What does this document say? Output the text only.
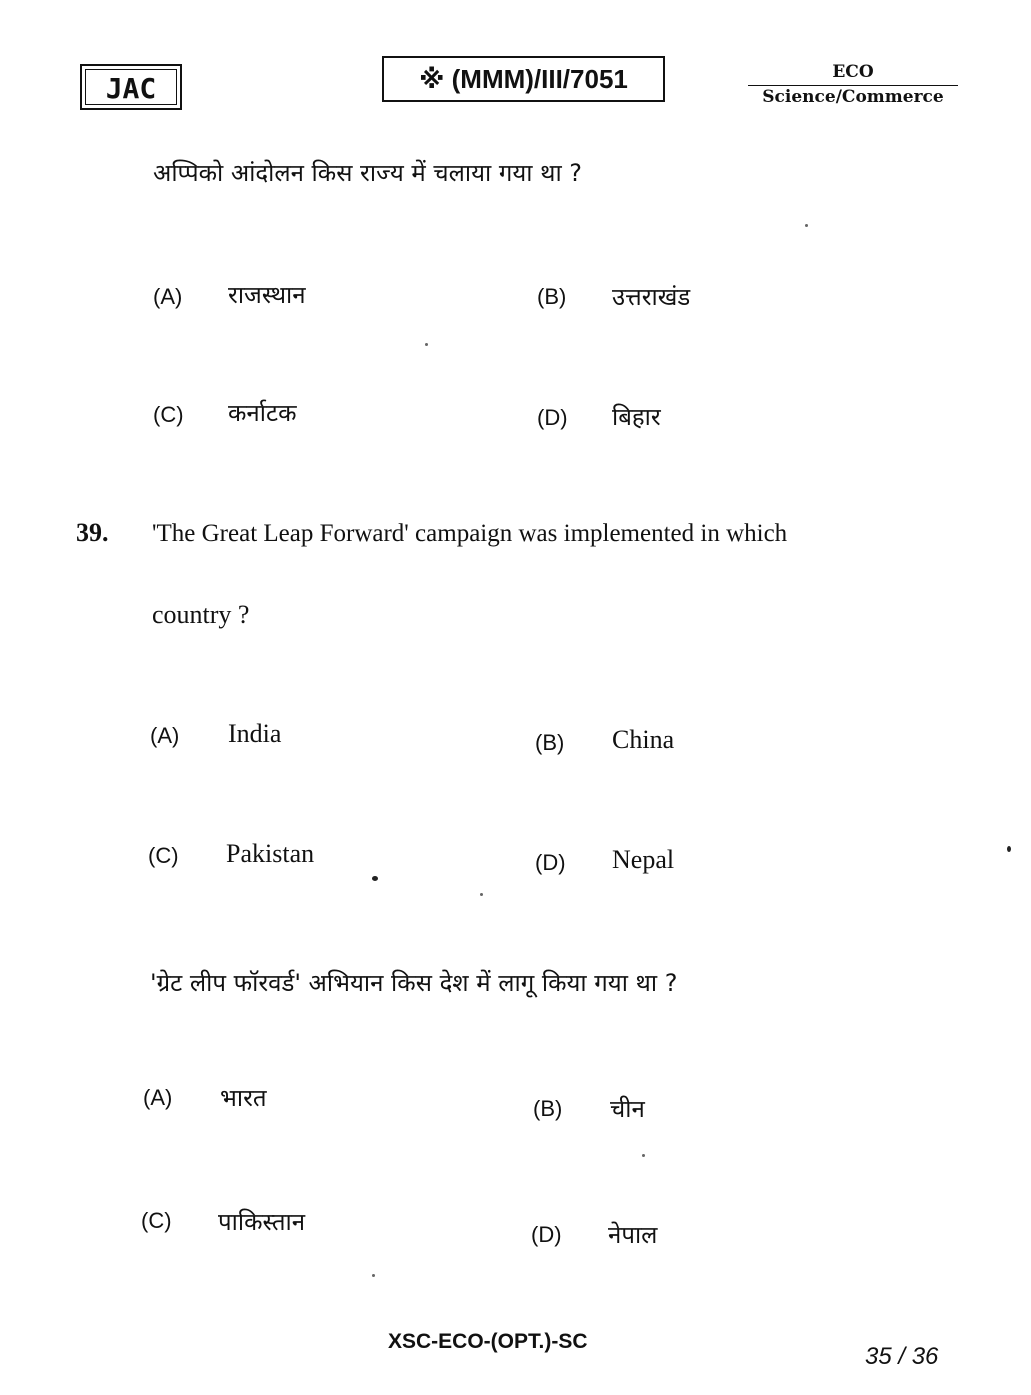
JAC	※ (MMM)/III/7051	ECO
Science/Commerce
अप्पिको आंदोलन किस राज्य में चलाया गया था ?
(A) राजस्थान	(B) उत्तराखंड
(C) कर्नाटक	(D) बिहार
39. 'The Great Leap Forward' campaign was implemented in which
country ?
(A) India	(B) China
(C) Pakistan	(D) Nepal
'ग्रेट लीप फॉरवर्ड' अभियान किस देश में लागू किया गया था ?
(A) भारत	(B) चीन
(C) पाकिस्तान	(D) नेपाल
XSC-ECO-(OPT.)-SC
35 / 36
